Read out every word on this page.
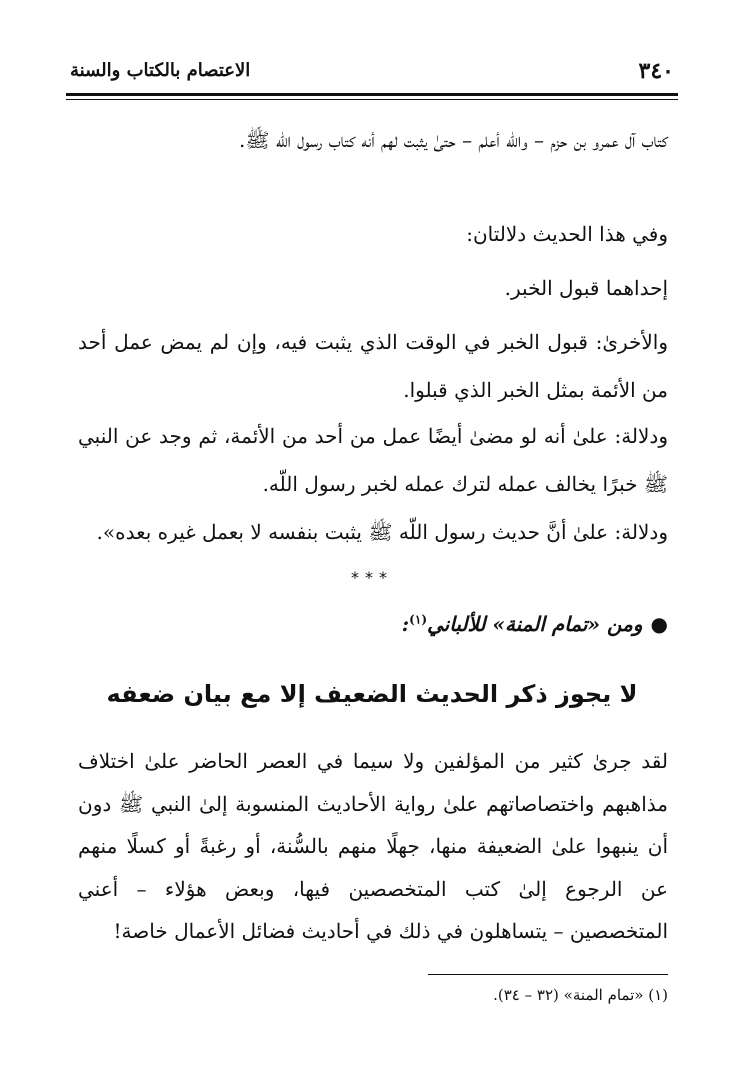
٣٤٠
الاعتصام بالكتاب والسنة
كتاب آل عمرو بن حزم – واللّه أعلم – حتىٰ يثبت لهم أنه كتاب رسول اللّه ﷺ.
وفي هذا الحديث دلالتان:
إحداهما قبول الخبر.
والأخرىٰ: قبول الخبر في الوقت الذي يثبت فيه، وإن لم يمض عمل أحد من الأئمة بمثل الخبر الذي قبلوا.
ودلالة: علىٰ أنه لو مضىٰ أيضًا عمل من أحد من الأئمة، ثم وجد عن النبي ﷺ خبرًا يخالف عمله لترك عمله لخبر رسول اللّه.
ودلالة: علىٰ أنَّ حديث رسول اللّه ﷺ يثبت بنفسه لا بعمل غيره بعده».
***
●ومن «تمام المنة» للألباني$^{(١)}$:
لا يجوز ذكر الحديث الضعيف إلا مع بيان ضعفه
لقد جرىٰ كثير من المؤلفين ولا سيما في العصر الحاضر علىٰ اختلاف
مذاهبهم واختصاصاتهم علىٰ رواية الأحاديث المنسوبة إلىٰ النبي ﷺ دون
أن ينبهوا علىٰ الضعيفة منها، جهلًا منهم بالسُّنة، أو رغبةً أو كسلًا منهم
عن الرجوع إلىٰ كتب المتخصصين فيها، وبعض هؤلاء – أعني
المتخصصين – يتساهلون في ذلك في أحاديث فضائل الأعمال خاصة!
(١) «تمام المنة» (٣٢ – ٣٤).
